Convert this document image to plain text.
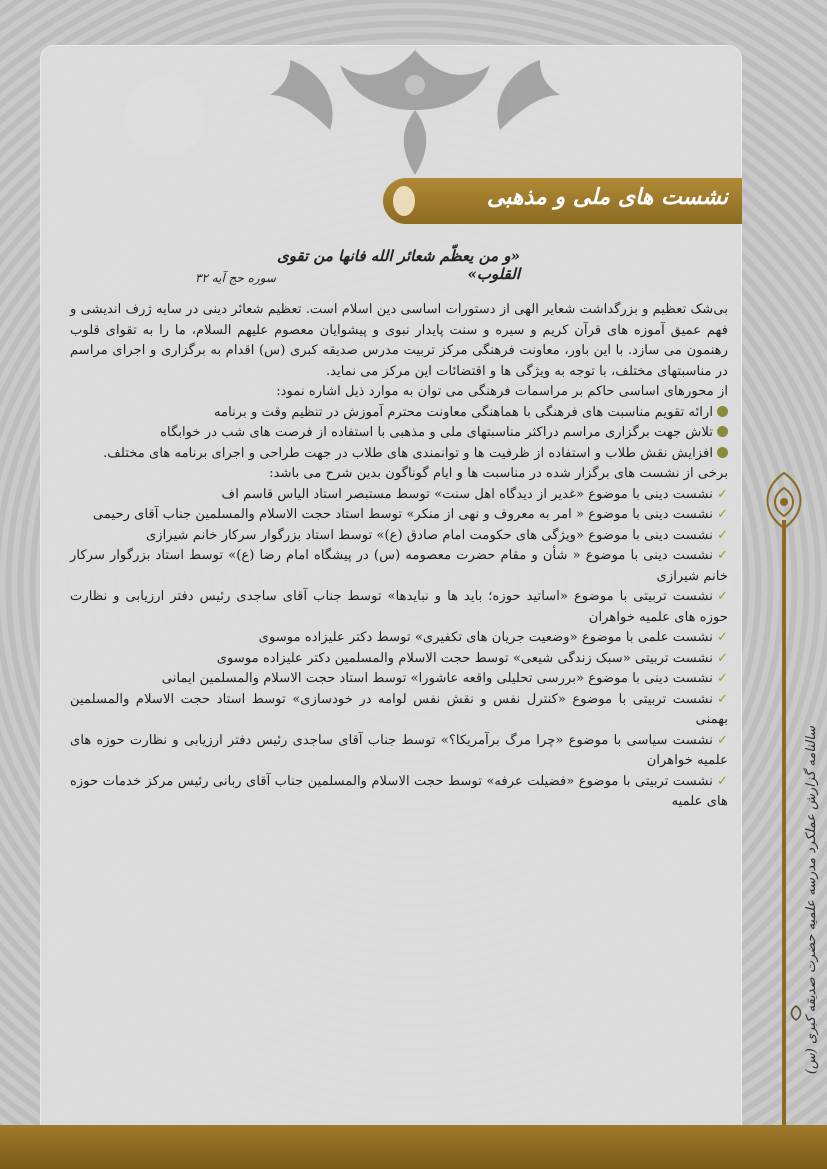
نشست های ملی و مذهبی
«و من یعظّم شعائر الله فانها من تقوی القلوب»
سوره حج آیه ۳۲

بی‌شک تعظیم و بزرگداشت شعایر الهی از دستورات اساسی دین اسلام است. تعظیم شعائر دینی در سایه ژرف اندیشی و فهم عمیق آموزه های قرآن کریم و سیره و سنت پایدار نبوی و پیشوایان معصوم علیهم السلام، ما را به تقوای قلوب رهنمون می سازد. با این باور، معاونت فرهنگی مرکز تربیت مدرس صدیقه کبری (س) اقدام به برگزاری و اجرای مراسم در مناسبتهای مختلف، با توجه به ویژگی ها و اقتضائات این مرکز می نماید.

از محورهای اساسی حاکم بر مراسمات فرهنگی می توان به موارد ذیل اشاره نمود:

ارائه تقویم مناسبت های فرهنگی با هماهنگی معاونت محترم آموزش در تنظیم وقت و برنامه

تلاش جهت برگزاری مراسم دراکثر مناسبتهای ملی و مذهبی با استفاده از فرصت های شب در خوابگاه

افزایش نقش طلاب و استفاده از ظرفیت ها و توانمندی های طلاب در جهت طراحی و اجرای برنامه های مختلف.

برخی از نشست های برگزار شده در مناسبت ها و ایام گوناگون بدین شرح می باشد:

✓نشست دینی با موضوع «غدیر از دیدگاه اهل سنت» توسط مستبصر استاد الیاس قاسم اف

✓نشست دینی با موضوع « امر به معروف و نهی از منکر» توسط استاد حجت الاسلام والمسلمین جناب آقای رحیمی

✓نشست دینی با موضوع «ویژگی های حکومت امام صادق (ع)» توسط استاد بزرگوار سرکار خانم شیرازی

✓نشست دینی با موضوع « شأن و مقام حضرت معصومه (س) در پیشگاه امام رضا (ع)» توسط استاد بزرگوار سرکار خانم شیرازی

✓نشست تربیتی با موضوع «اساتید حوزه؛ باید ها و نبایدها» توسط جناب آقای ساجدی رئیس دفتر ارزیابی و نظارت حوزه های علمیه خواهران

✓نشست علمی با موضوع «وضعیت جریان های تکفیری» توسط دکتر علیزاده موسوی

✓نشست تربیتی «سبک زندگی شیعی» توسط حجت الاسلام والمسلمین دکتر علیزاده موسوی

✓نشست دینی با موضوع «بررسی تحلیلی واقعه عاشورا» توسط استاد حجت الاسلام والمسلمین ایمانی

✓نشست تربیتی با موضوع «کنترل نفس و نقش نفس لوامه در خودسازی» توسط استاد حجت الاسلام والمسلمین بهمنی

✓نشست سیاسی با موضوع «چرا مرگ برآمریکا؟» توسط جناب آقای ساجدی رئیس دفتر ارزیابی و نظارت حوزه های علمیه خواهران

✓نشست تربیتی با موضوع «فضیلت عرفه» توسط حجت الاسلام والمسلمین جناب آقای ربانی رئیس مرکز خدمات حوزه های علمیه	سالنامه گزارش عملکرد مدرسه علمیه حضرت صدیقه کبری (س)
